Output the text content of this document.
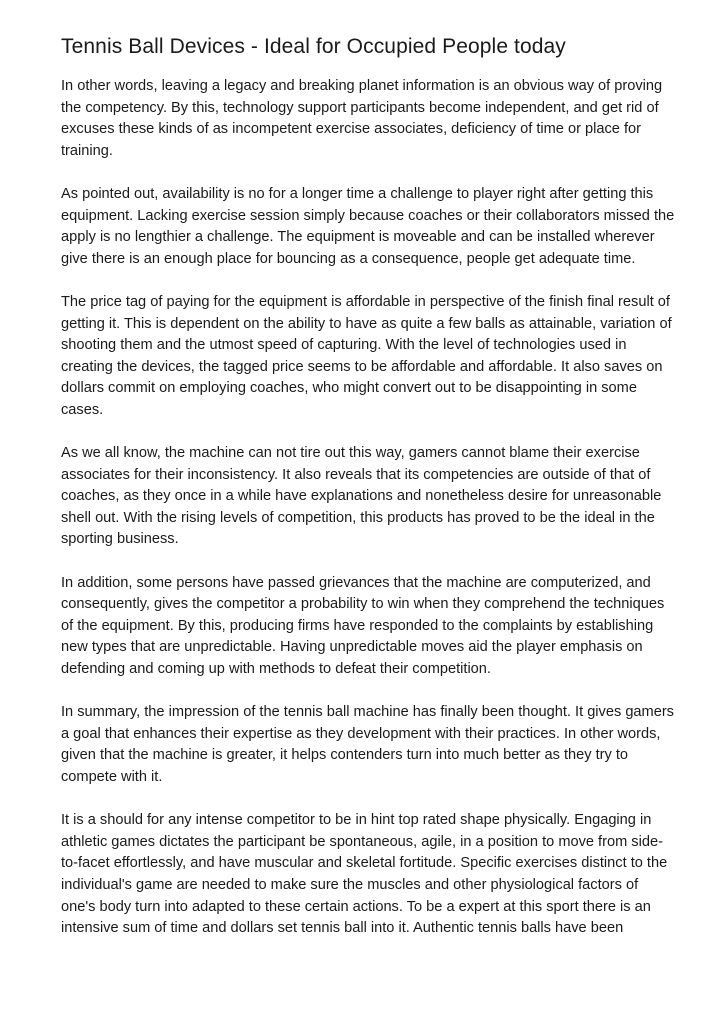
Tennis Ball Devices - Ideal for Occupied People today

In other words, leaving a legacy and breaking planet information is an obvious way of proving the competency. By this, technology support participants become independent, and get rid of excuses these kinds of as incompetent exercise associates, deficiency of time or place for training.

As pointed out, availability is no for a longer time a challenge to player right after getting this equipment. Lacking exercise session simply because coaches or their collaborators missed the apply is no lengthier a challenge. The equipment is moveable and can be installed wherever give there is an enough place for bouncing as a consequence, people get adequate time.

The price tag of paying for the equipment is affordable in perspective of the finish final result of getting it. This is dependent on the ability to have as quite a few balls as attainable, variation of shooting them and the utmost speed of capturing. With the level of technologies used in creating the devices, the tagged price seems to be affordable and affordable. It also saves on dollars commit on employing coaches, who might convert out to be disappointing in some cases.

As we all know, the machine can not tire out this way, gamers cannot blame their exercise associates for their inconsistency. It also reveals that its competencies are outside of that of coaches, as they once in a while have explanations and nonetheless desire for unreasonable shell out. With the rising levels of competition, this products has proved to be the ideal in the sporting business.

In addition, some persons have passed grievances that the machine are computerized, and consequently, gives the competitor a probability to win when they comprehend the techniques of the equipment. By this, producing firms have responded to the complaints by establishing new types that are unpredictable. Having unpredictable moves aid the player emphasis on defending and coming up with methods to defeat their competition.

In summary, the impression of the tennis ball machine has finally been thought. It gives gamers a goal that enhances their expertise as they development with their practices. In other words, given that the machine is greater, it helps contenders turn into much better as they try to compete with it.

It is a should for any intense competitor to be in hint top rated shape physically. Engaging in athletic games dictates the participant be spontaneous, agile, in a position to move from side-to-facet effortlessly, and have muscular and skeletal fortitude. Specific exercises distinct to the individual's game are needed to make sure the muscles and other physiological factors of one's body turn into adapted to these certain actions. To be a expert at this sport there is an intensive sum of time and dollars set tennis ball into it. Authentic tennis balls have been
